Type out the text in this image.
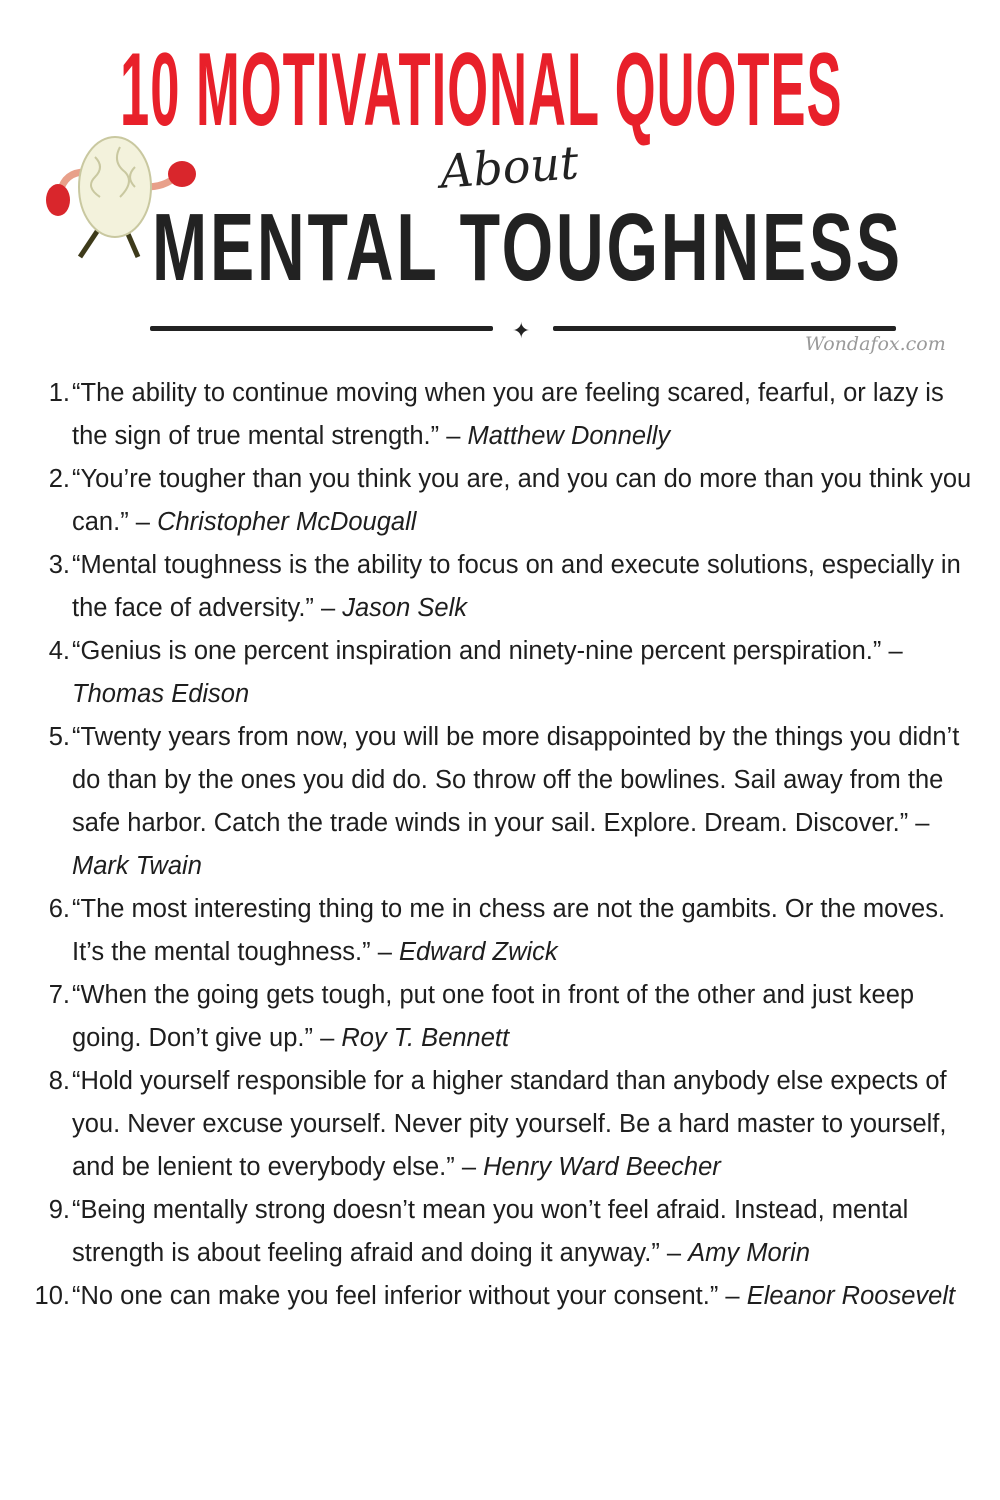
10 MOTIVATIONAL QUOTES
About
MENTAL TOUGHNESS
✦
Wondafox.com
1. “The ability to continue moving when you are feeling scared, fearful, or lazy is the sign of true mental strength.” – Matthew Donnelly
2. “You’re tougher than you think you are, and you can do more than you think you can.” – Christopher McDougall
3. “Mental toughness is the ability to focus on and execute solutions, especially in the face of adversity.” – Jason Selk
4. “Genius is one percent inspiration and ninety-nine percent perspiration.” – Thomas Edison
5. “Twenty years from now, you will be more disappointed by the things you didn’t do than by the ones you did do. So throw off the bowlines. Sail away from the safe harbor. Catch the trade winds in your sail. Explore. Dream. Discover.” – Mark Twain
6. “The most interesting thing to me in chess are not the gambits. Or the moves. It’s the mental toughness.” – Edward Zwick
7. “When the going gets tough, put one foot in front of the other and just keep going. Don’t give up.” – Roy T. Bennett
8. “Hold yourself responsible for a higher standard than anybody else expects of you. Never excuse yourself. Never pity yourself. Be a hard master to yourself, and be lenient to everybody else.” – Henry Ward Beecher
9. “Being mentally strong doesn’t mean you won’t feel afraid. Instead, mental strength is about feeling afraid and doing it anyway.” – Amy Morin
10. “No one can make you feel inferior without your consent.” – Eleanor Roosevelt
